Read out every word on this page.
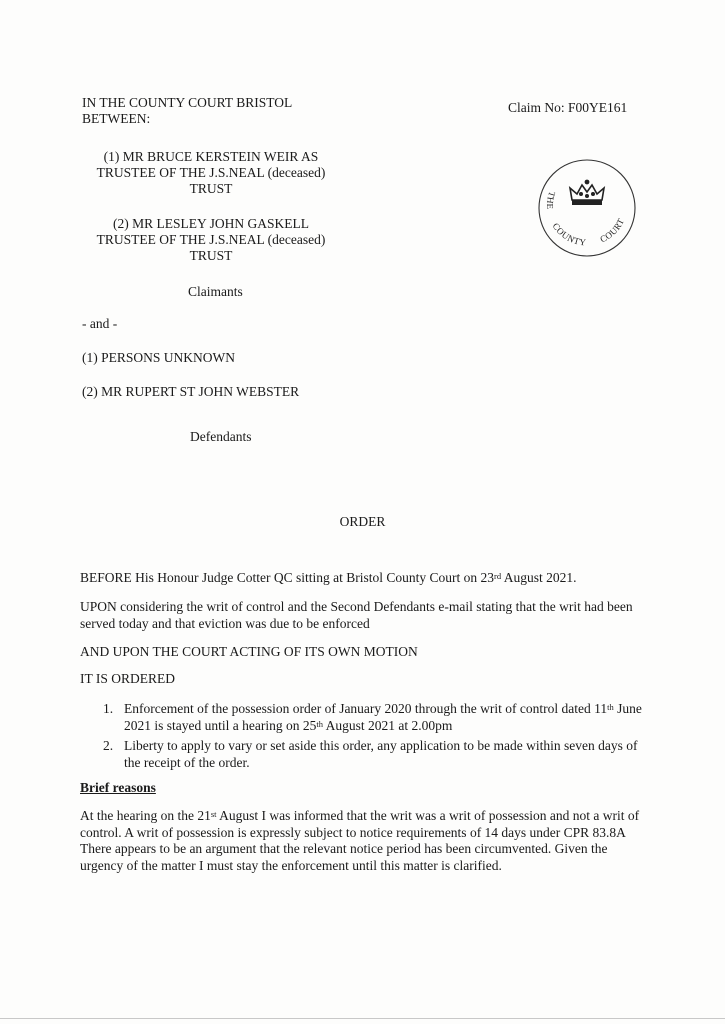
IN THE COUNTY COURT BRISTOL
BETWEEN:
Claim No: F00YE161
THE COUNTY COURT
(1) MR BRUCE KERSTEIN WEIR AS
TRUSTEE OF THE J.S.NEAL (deceased)
TRUST
(2) MR LESLEY JOHN GASKELL
TRUSTEE OF THE J.S.NEAL (deceased)
TRUST
Claimants
- and -
(1) PERSONS UNKNOWN
(2) MR RUPERT ST JOHN WEBSTER
Defendants
ORDER
BEFORE His Honour Judge Cotter QC sitting at Bristol County Court on 23rd August 2021.
UPON considering the writ of control and the Second Defendants e-mail stating that the writ had been served today and that eviction was due to be enforced
AND UPON THE COURT ACTING OF ITS OWN MOTION
IT IS ORDERED
1. Enforcement of the possession order of January 2020 through the writ of control dated 11th June 2021 is stayed until a hearing on 25th August 2021 at 2.00pm
2. Liberty to apply to vary or set aside this order, any application to be made within seven days of the receipt of the order.
Brief reasons
At the hearing on the 21st August I was informed that the writ was a writ of possession and not a writ of control. A writ of possession is expressly subject to notice requirements of 14 days under CPR 83.8A There appears to be an argument that the relevant notice period has been circumvented. Given the urgency of the matter I must stay the enforcement until this matter is clarified.
